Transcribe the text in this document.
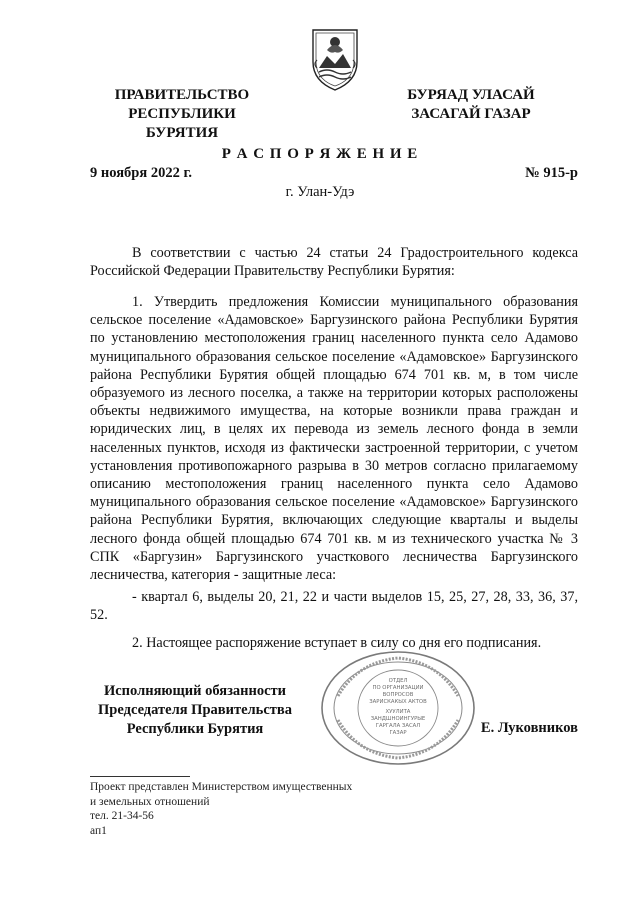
ПРАВИТЕЛЬСТВО
РЕСПУБЛИКИ БУРЯТИЯ
БУРЯАД УЛАСАЙ
ЗАСАГАЙ ГАЗАР
Р А С П О Р Я Ж Е Н И Е
9 ноября 2022 г.	№ 915-р
г. Улан-Удэ
В соответствии с частью 24 статьи 24 Градостроительного кодекса Российской Федерации Правительству Республики Бурятия:
1. Утвердить предложения Комиссии муниципального образования сельское поселение «Адамовское» Баргузинского района Республики Бурятия по установлению местоположения границ населенного пункта село Адамово муниципального образования сельское поселение «Адамовское» Баргузинского района Республики Бурятия общей площадью 674 701 кв. м, в том числе образуемого из лесного поселка, а также на территории которых расположены объекты недвижимого имущества, на которые возникли права граждан и юридических лиц, в целях их перевода из земель лесного фонда в земли населенных пунктов, исходя из фактически застроенной территории, с учетом установления противопожарного разрыва в 30 метров согласно прилагаемому описанию местоположения границ населенного пункта село Адамово муниципального образования сельское поселение «Адамовское» Баргузинского района Республики Бурятия, включающих следующие кварталы и выделы лесного фонда общей площадью 674 701 кв. м из технического участка № 3 СПК «Баргузин» Баргузинского участкового лесничества Баргузинского лесничества, категория - защитные леса:
- квартал 6, выделы 20, 21, 22 и части выделов 15, 25, 27, 28, 33, 36, 37, 52.
2. Настоящее распоряжение вступает в силу со дня его подписания.
ОТДЕЛ
ПО ОРГАНИЗАЦИИ
ВОПРОСОВ
ЗАРИСКАКЫХ АКТОВ
ХУУЛИТА
ЗАНДШНОИНГУРЫЕ
ГАРГАЛА ЗАСАЛ
ГАЗАР
Исполняющий обязанности
Председателя Правительства
Республики Бурятия	Е. Луковников
Проект представлен Министерством имущественных
и земельных отношений
тел. 21-34-56
ап1
